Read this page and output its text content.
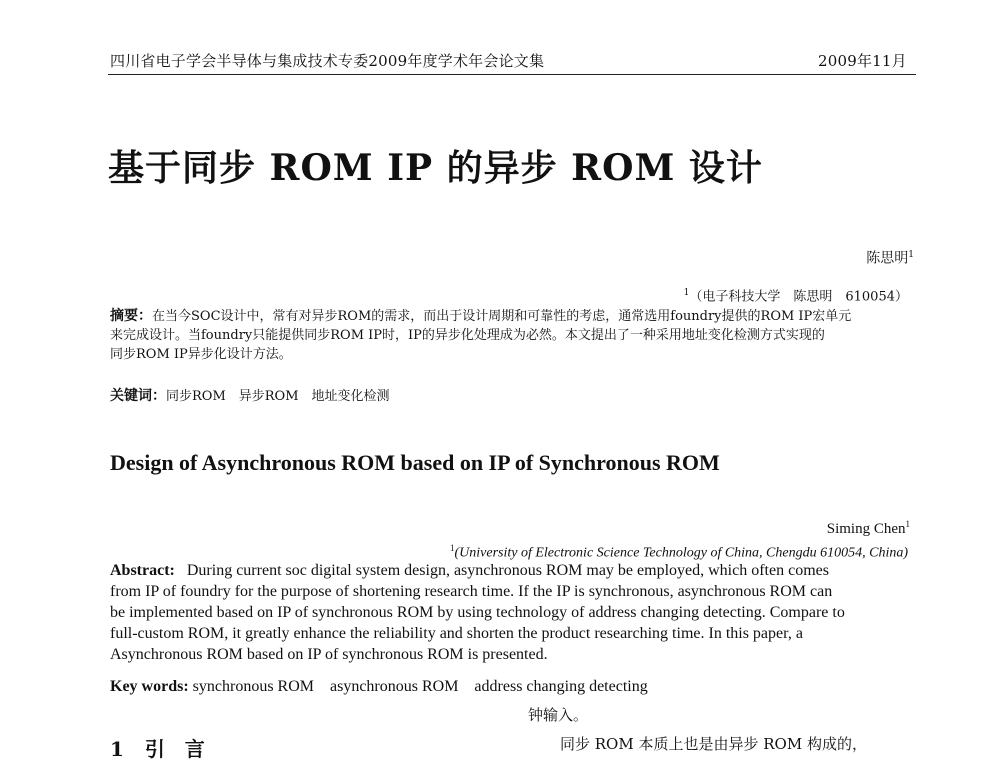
四川省电子学会半导体与集成技术专委2009年度学术年会论文集	2009年11月
基于同步 ROM IP 的异步 ROM 设计
陈思明$^1$
$^1$（电子科技大学　陈思明　610054）
摘要：在当今SOC设计中，常有对异步ROM的需求，而出于设计周期和可靠性的考虑，通常选用foundry提供的ROM IP宏单元
来完成设计。当foundry只能提供同步ROM IP时，IP的异步化处理成为必然。本文提出了一种采用地址变化检测方式实现的
同步ROM IP异步化设计方法。
关键词：同步ROM　异步ROM　地址变化检测
Design of Asynchronous ROM based on IP of Synchronous ROM
Siming Chen$^1$
$^1$(University of Electronic Science Technology of China, Chengdu 610054, China)
Abstract: During current soc digital system design, asynchronous ROM may be employed, which often comes
from IP of foundry for the purpose of shortening research time. If the IP is synchronous, asynchronous ROM can
be implemented based on IP of synchronous ROM by using technology of address changing detecting. Compare to
full-custom ROM, it greatly enhance the reliability and shorten the product researching time. In this paper, a
Asynchronous ROM based on IP of synchronous ROM is presented.
Key words: synchronous ROM    asynchronous ROM    address changing detecting
1 引　言
钟输入。
同步 ROM 本质上也是由异步 ROM 构成的，
